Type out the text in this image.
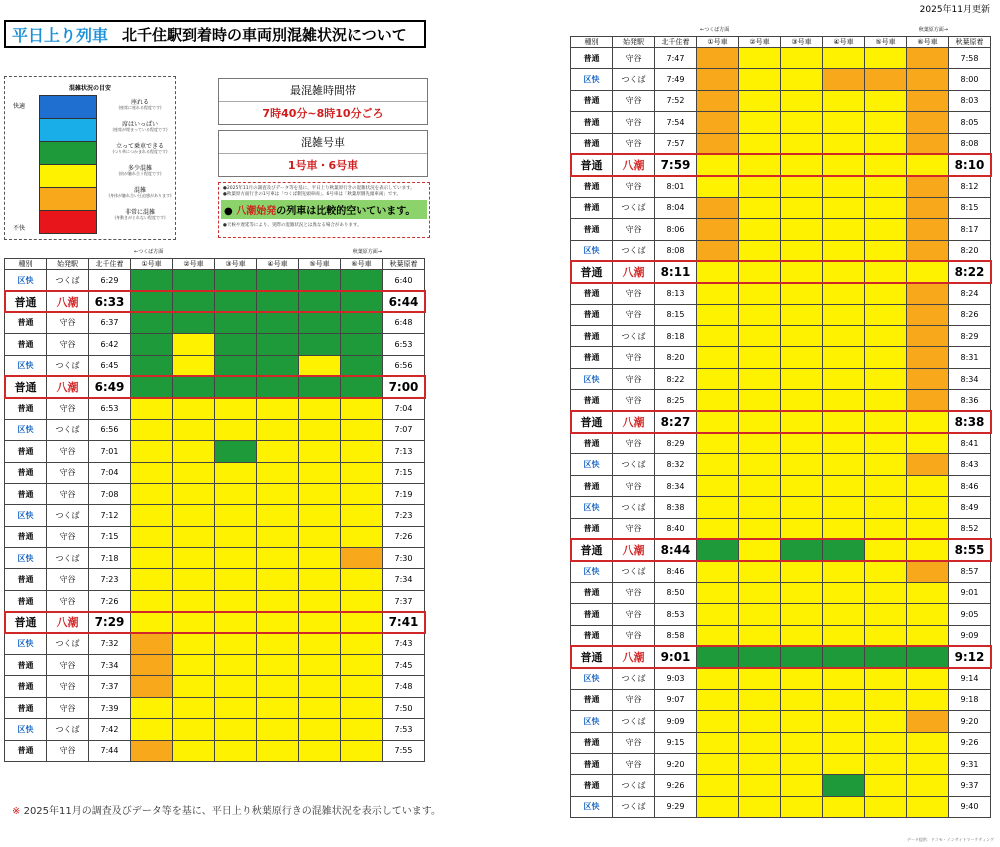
2025年11月更新
平日上り列車 北千住駅到着時の車両別混雑状況について
混雑状況の目安
快適
不快
座れる
(座席に座れる程度です)
席はいっぱい
(座席が埋まっている程度です)
立って乗車できる
(つり革につかまれる程度です)
多少混雑
(肩が触れ合う程度です)
混雑
(身体が触れ合い圧迫感があります)
非常に混雑
(身動きがとれない程度です)
最混雑時間帯
7時40分~8時10分ごろ
混雑号車
1号車・6号車
●2025年11月の調査及びデータ等を基に、平日上り秋葉原行きの混雑状況を表示しています。
●秋葉原方面行きの1号車は「つくば側先頭車両」、6号車は「秋葉原側先頭車両」です。
● 八潮始発の列車は比較的空いています。
●天候や遅延等により、実際の混雑状況とは異なる場合があります。
←つくば方面	秋葉原方面→
種別	始発駅	北千住着	①号車	②号車	③号車	④号車	⑤号車	⑥号車	秋葉原着
区快	つくば	6:29							6:40
普通	八潮	6:33							6:44
普通	守谷	6:37							6:48
普通	守谷	6:42							6:53
区快	つくば	6:45							6:56
普通	八潮	6:49							7:00
普通	守谷	6:53							7:04
区快	つくば	6:56							7:07
普通	守谷	7:01							7:13
普通	守谷	7:04							7:15
普通	守谷	7:08							7:19
区快	つくば	7:12							7:23
普通	守谷	7:15							7:26
区快	つくば	7:18							7:30
普通	守谷	7:23							7:34
普通	守谷	7:26							7:37
普通	八潮	7:29							7:41
区快	つくば	7:32							7:43
普通	守谷	7:34							7:45
普通	守谷	7:37							7:48
普通	守谷	7:39							7:50
区快	つくば	7:42							7:53
普通	守谷	7:44							7:55
←つくば方面	秋葉原方面→
種別	始発駅	北千住着	①号車	②号車	③号車	④号車	⑤号車	⑥号車	秋葉原着
普通	守谷	7:47							7:58
区快	つくば	7:49							8:00
普通	守谷	7:52							8:03
普通	守谷	7:54							8:05
普通	守谷	7:57							8:08
普通	八潮	7:59							8:10
普通	守谷	8:01							8:12
普通	つくば	8:04							8:15
普通	守谷	8:06							8:17
区快	つくば	8:08							8:20
普通	八潮	8:11							8:22
普通	守谷	8:13							8:24
普通	守谷	8:15							8:26
普通	つくば	8:18							8:29
普通	守谷	8:20							8:31
区快	守谷	8:22							8:34
普通	守谷	8:25							8:36
普通	八潮	8:27							8:38
普通	守谷	8:29							8:41
区快	つくば	8:32							8:43
普通	守谷	8:34							8:46
区快	つくば	8:38							8:49
普通	守谷	8:40							8:52
普通	八潮	8:44							8:55
区快	つくば	8:46							8:57
普通	守谷	8:50							9:01
普通	守谷	8:53							9:05
普通	守谷	8:58							9:09
普通	八潮	9:01							9:12
区快	つくば	9:03							9:14
普通	守谷	9:07							9:18
区快	つくば	9:09							9:20
普通	守谷	9:15							9:26
普通	守谷	9:20							9:31
普通	つくば	9:26							9:37
区快	つくば	9:29							9:40
※ 2025年11月の調査及びデータ等を基に、平日上り秋葉原行きの混雑状況を表示しています。
データ提供：ドコモ・インサイトマーケティング
